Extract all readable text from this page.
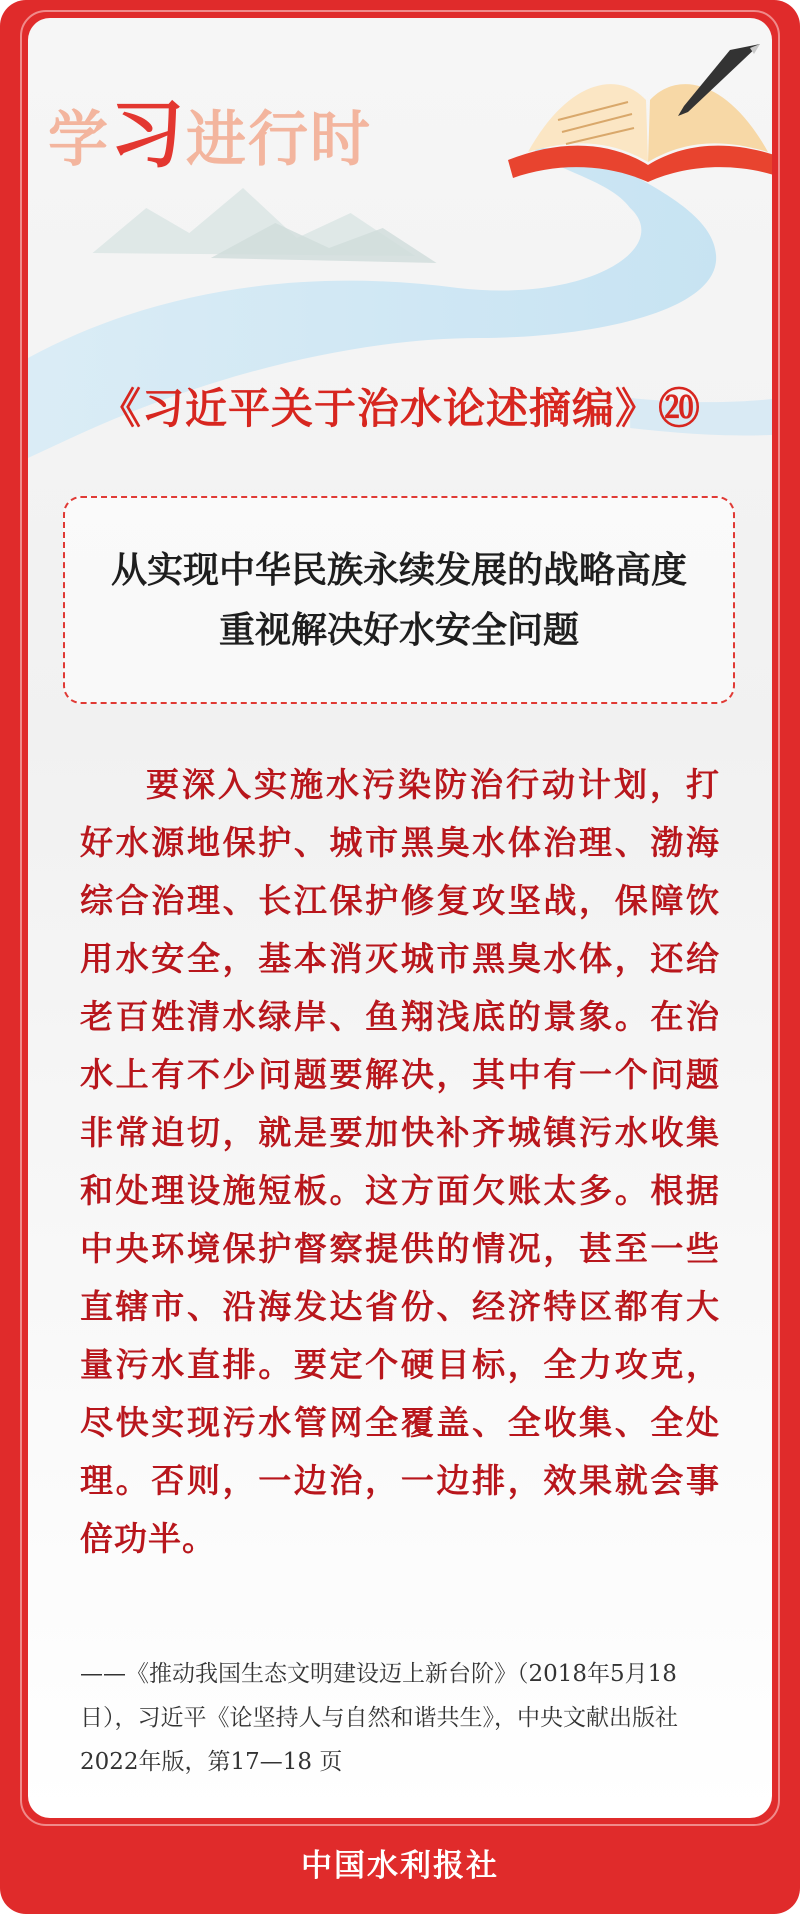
学习进行时
《习近平关于治水论述摘编》⑳
从实现中华民族永续发展的战略高度
重视解决好水安全问题
要深入实施水污染防治行动计划，打好水源地保护、城市黑臭水体治理、渤海综合治理、长江保护修复攻坚战，保障饮用水安全，基本消灭城市黑臭水体，还给老百姓清水绿岸、鱼翔浅底的景象。在治水上有不少问题要解决，其中有一个问题非常迫切，就是要加快补齐城镇污水收集和处理设施短板。这方面欠账太多。根据中央环境保护督察提供的情况，甚至一些直辖市、沿海发达省份、经济特区都有大量污水直排。要定个硬目标，全力攻克，尽快实现污水管网全覆盖、全收集、全处理。否则，一边治，一边排，效果就会事倍功半。
——《推动我国生态文明建设迈上新台阶》（2018年5月18日），习近平《论坚持人与自然和谐共生》，中央文献出版社2022年版，第17—18 页
中国水利报社
